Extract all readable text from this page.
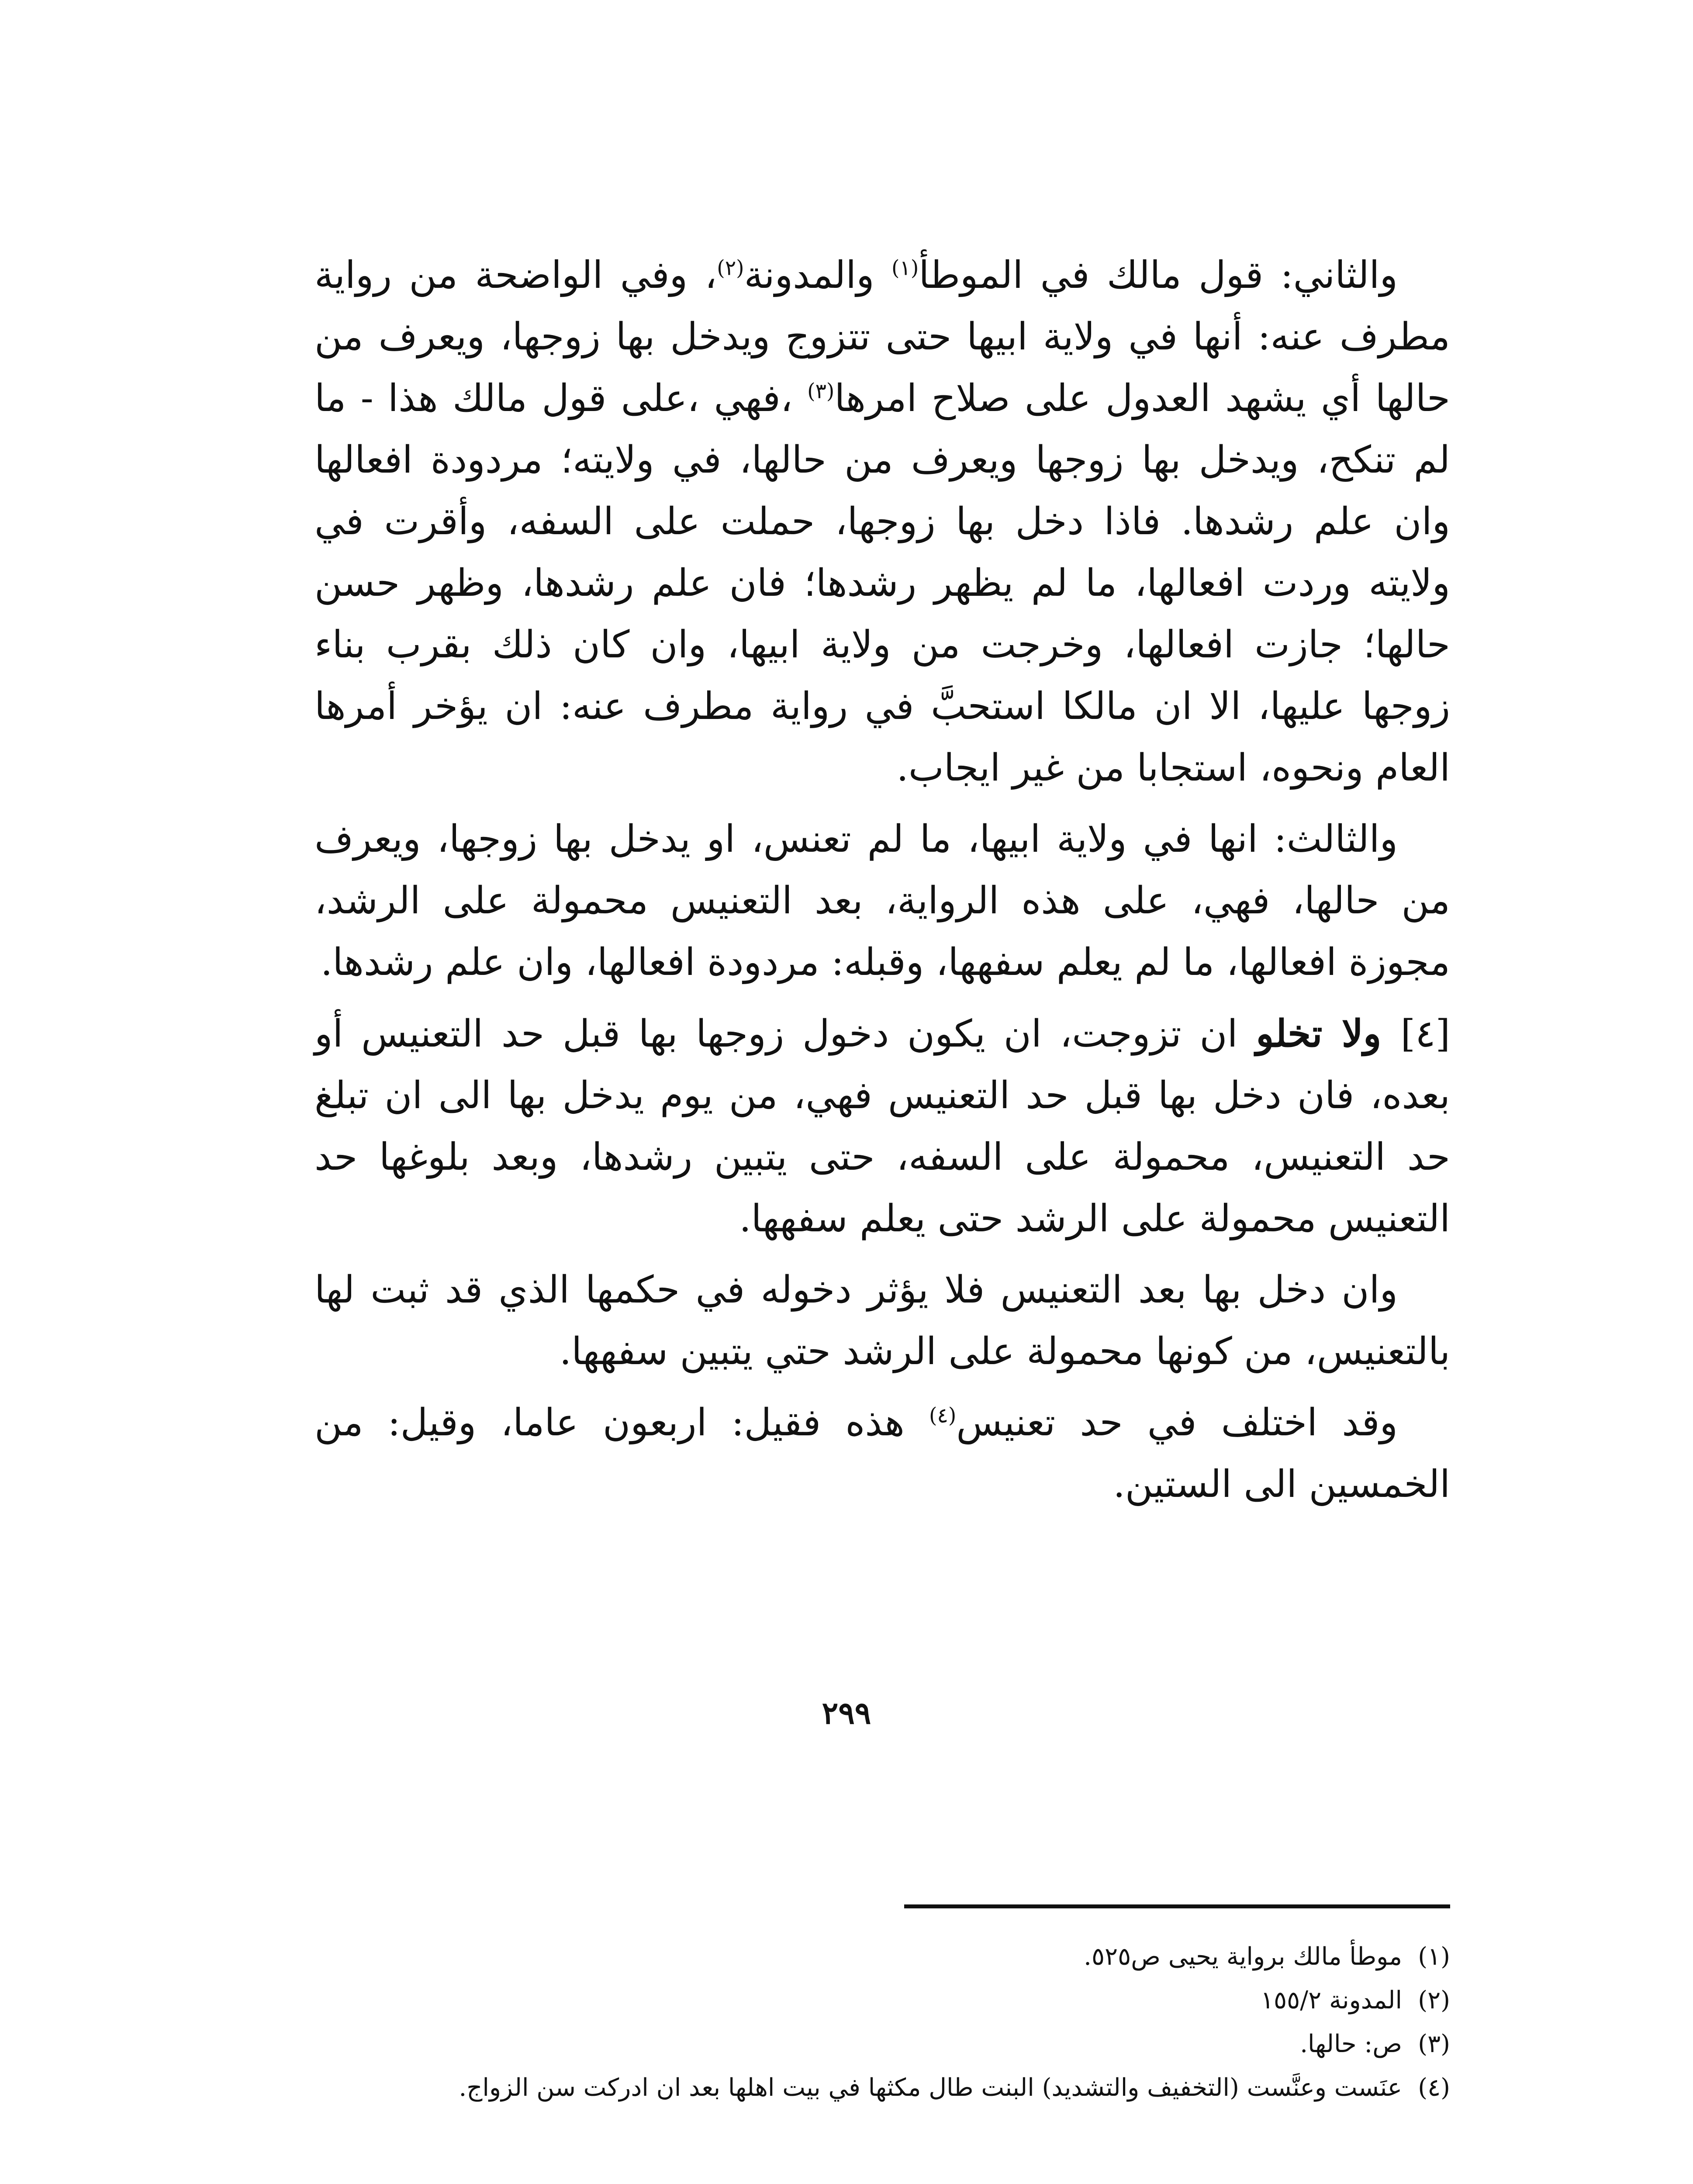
والثاني: قول مالك في الموطأ$^{(١)}$ والمدونة$^{(٢)}$، وفي الواضحة من رواية مطرف عنه: أنها في ولاية ابيها حتى تتزوج ويدخل بها زوجها، ويعرف من حالها أي يشهد العدول على صلاح امرها$^{(٣)}$ ،فهي ،على قول مالك هذا - ما لم تنكح، ويدخل بها زوجها ويعرف من حالها، في ولايته؛ مردودة افعالها وان علم رشدها. فاذا دخل بها زوجها، حملت على السفه، وأقرت في ولايته وردت افعالها، ما لم يظهر رشدها؛ فان علم رشدها، وظهر حسن حالها؛ جازت افعالها، وخرجت من ولاية ابيها، وان كان ذلك بقرب بناء زوجها عليها، الا ان مالكا استحبَّ في رواية مطرف عنه: ان يؤخر أمرها العام ونحوه، استجابا من غير ايجاب.

والثالث: انها في ولاية ابيها، ما لم تعنس، او يدخل بها زوجها، ويعرف من حالها، فهي، على هذه الرواية، بعد التعنيس محمولة على الرشد، مجوزة افعالها، ما لم يعلم سفهها، وقبله: مردودة افعالها، وان علم رشدها.

[٤] ولا تخلو ان تزوجت، ان يكون دخول زوجها بها قبل حد التعنيس أو بعده، فان دخل بها قبل حد التعنيس فهي، من يوم يدخل بها الى ان تبلغ حد التعنيس، محمولة على السفه، حتى يتبين رشدها، وبعد بلوغها حد التعنيس محمولة على الرشد حتى يعلم سفهها.

وان دخل بها بعد التعنيس فلا يؤثر دخوله في حكمها الذي قد ثبت لها بالتعنيس، من كونها محمولة على الرشد حتي يتبين سفهها.

وقد اختلف في حد تعنيس$^{(٤)}$ هذه فقيل: اربعون عاما، وقيل: من الخمسين الى الستين.

(١)موطأ مالك برواية يحيى ص٥٢٥.

(٢)المدونة ١٥٥/٢

(٣)ص: حالها.

(٤)عنَست وعنَّست (التخفيف والتشديد) البنت طال مكثها في بيت اهلها بعد ان ادركت سن الزواج.

٢٩٩
